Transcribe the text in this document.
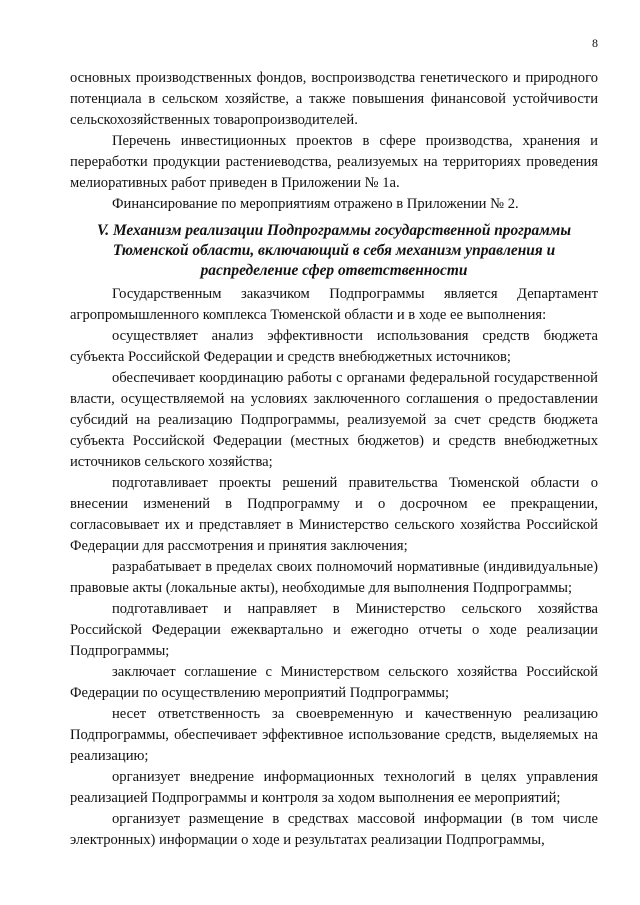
8

основных производственных фондов, воспроизводства генетического и природного потенциала в сельском хозяйстве, а также повышения финансовой устойчивости сельскохозяйственных товаропроизводителей.

Перечень инвестиционных проектов в сфере производства, хранения и переработки продукции растениеводства, реализуемых на территориях проведения мелиоративных работ приведен в Приложении № 1а.

Финансирование по мероприятиям отражено в Приложении № 2.

V. Механизм реализации Подпрограммы государственной программы Тюменской области, включающий в себя механизм управления и распределение сфер ответственности

Государственным заказчиком Подпрограммы является Департамент агропромышленного комплекса Тюменской области и в ходе ее выполнения:

осуществляет анализ эффективности использования средств бюджета субъекта Российской Федерации и средств внебюджетных источников;

обеспечивает координацию работы с органами федеральной государственной власти, осуществляемой на условиях заключенного соглашения о предоставлении субсидий на реализацию Подпрограммы, реализуемой за счет средств бюджета субъекта Российской Федерации (местных бюджетов) и средств внебюджетных источников сельского хозяйства;

подготавливает проекты решений правительства Тюменской области о внесении изменений в Подпрограмму и о досрочном ее прекращении, согласовывает их и представляет в Министерство сельского хозяйства Российской Федерации для рассмотрения и принятия заключения;

разрабатывает в пределах своих полномочий нормативные (индивидуальные) правовые акты (локальные акты), необходимые для выполнения Подпрограммы;

подготавливает и направляет в Министерство сельского хозяйства Российской Федерации ежеквартально и ежегодно отчеты о ходе реализации Подпрограммы;

заключает соглашение с Министерством сельского хозяйства Российской Федерации по осуществлению мероприятий Подпрограммы;

несет ответственность за своевременную и качественную реализацию Подпрограммы, обеспечивает эффективное использование средств, выделяемых на реализацию;

организует внедрение информационных технологий в целях управления реализацией Подпрограммы и контроля за ходом выполнения ее мероприятий;

организует размещение в средствах массовой информации (в том числе электронных) информации о ходе и результатах реализации Подпрограммы,
